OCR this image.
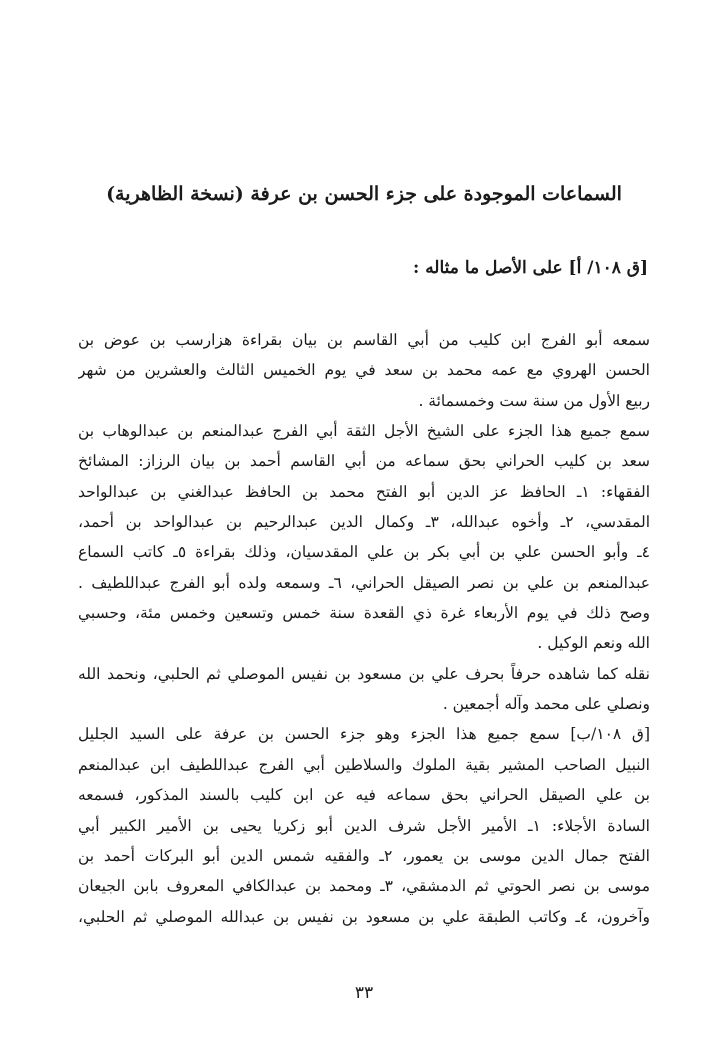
السماعات الموجودة على جزء الحسن بن عرفة (نسخة الظاهرية)
[ق ١٠٨/ أ] على الأصل ما مثاله :
سمعه أبو الفرج ابن كليب من أبي القاسم بن بيان بقراءة هزارسب بن عوض بن
الحسن الهروي مع عمه محمد بن سعد في يوم الخميس الثالث والعشرين من شهر
ربيع الأول من سنة ست وخمسمائة .
سمع جميع هذا الجزء على الشيخ الأجل الثقة أبي الفرج عبدالمنعم بن عبدالوهاب بن
سعد بن كليب الحراني بحق سماعه من أبي القاسم أحمد بن بيان الرزاز: المشائخ
الفقهاء: ١ـ الحافظ عز الدين أبو الفتح محمد بن الحافظ عبدالغني بن عبدالواحد
المقدسي، ٢ـ وأخوه عبدالله، ٣ـ وكمال الدين عبدالرحيم بن عبدالواحد بن أحمد،
٤ـ وأبو الحسن علي بن أبي بكر بن علي المقدسيان، وذلك بقراءة ٥ـ كاتب السماع
عبدالمنعم بن علي بن نصر الصيقل الحراني، ٦ـ وسمعه ولده أبو الفرج عبداللطيف .
وصح ذلك في يوم الأربعاء غرة ذي القعدة سنة خمس وتسعين وخمس مئة، وحسبي
الله ونعم الوكيل .
نقله كما شاهده حرفاً بحرف علي بن مسعود بن نفيس الموصلي ثم الحلبي، ونحمد الله
ونصلي على محمد وآله أجمعين .
[ق ١٠٨/ب] سمع جميع هذا الجزء وهو جزء الحسن بن عرفة على السيد الجليل
النبيل الصاحب المشير بقية الملوك والسلاطين أبي الفرج عبداللطيف ابن عبدالمنعم
بن علي الصيقل الحراني بحق سماعه فيه عن ابن كليب بالسند المذكور، فسمعه
السادة الأجلاء: ١ـ الأمير الأجل شرف الدين أبو زكريا يحيى بن الأمير الكبير أبي
الفتح جمال الدين موسى بن يعمور، ٢ـ والفقيه شمس الدين أبو البركات أحمد بن
موسى بن نصر الحوتي ثم الدمشقي، ٣ـ ومحمد بن عبدالكافي المعروف بابن الجيعان
وآخرون، ٤ـ وكاتب الطبقة علي بن مسعود بن نفيس بن عبدالله الموصلي ثم الحلبي،
٣٣
